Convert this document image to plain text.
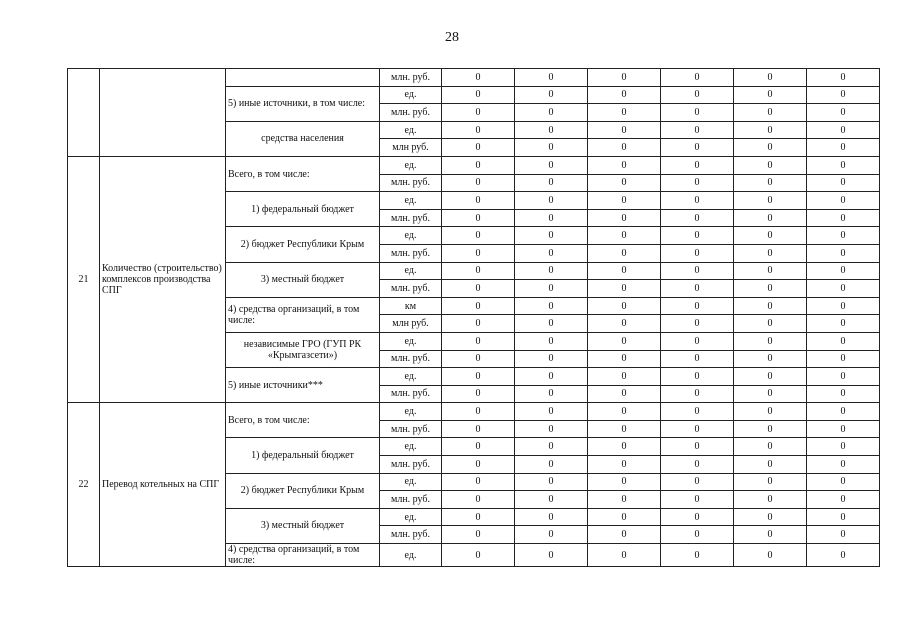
28
			млн. руб.	0	0	0	0	0	0
		5) иные источники, в том числе:	ед.	0	0	0	0	0	0
			млн. руб.	0	0	0	0	0	0
		средства населения	ед.	0	0	0	0	0	0
			млн руб.	0	0	0	0	0	0
21	Количество (строительство) комплексов производства СПГ	Всего, в том числе:	ед.	0	0	0	0	0	0
			млн. руб.	0	0	0	0	0	0
		1) федеральный бюджет	ед.	0	0	0	0	0	0
			млн. руб.	0	0	0	0	0	0
		2) бюджет Республики Крым	ед.	0	0	0	0	0	0
			млн. руб.	0	0	0	0	0	0
		3) местный бюджет	ед.	0	0	0	0	0	0
			млн. руб.	0	0	0	0	0	0
		4) средства организаций, в том числе:	км	0	0	0	0	0	0
			млн руб.	0	0	0	0	0	0
		независимые ГРО (ГУП РК «Крымгазсети»)	ед.	0	0	0	0	0	0
			млн. руб.	0	0	0	0	0	0
		5) иные источники***	ед.	0	0	0	0	0	0
			млн. руб.	0	0	0	0	0	0
22	Перевод котельных на СПГ	Всего, в том числе:	ед.	0	0	0	0	0	0
			млн. руб.	0	0	0	0	0	0
		1) федеральный бюджет	ед.	0	0	0	0	0	0
			млн. руб.	0	0	0	0	0	0
		2) бюджет Республики Крым	ед.	0	0	0	0	0	0
			млн. руб.	0	0	0	0	0	0
		3) местный бюджет	ед.	0	0	0	0	0	0
			млн. руб.	0	0	0	0	0	0
		4) средства организаций, в том числе:	ед.	0	0	0	0	0	0
